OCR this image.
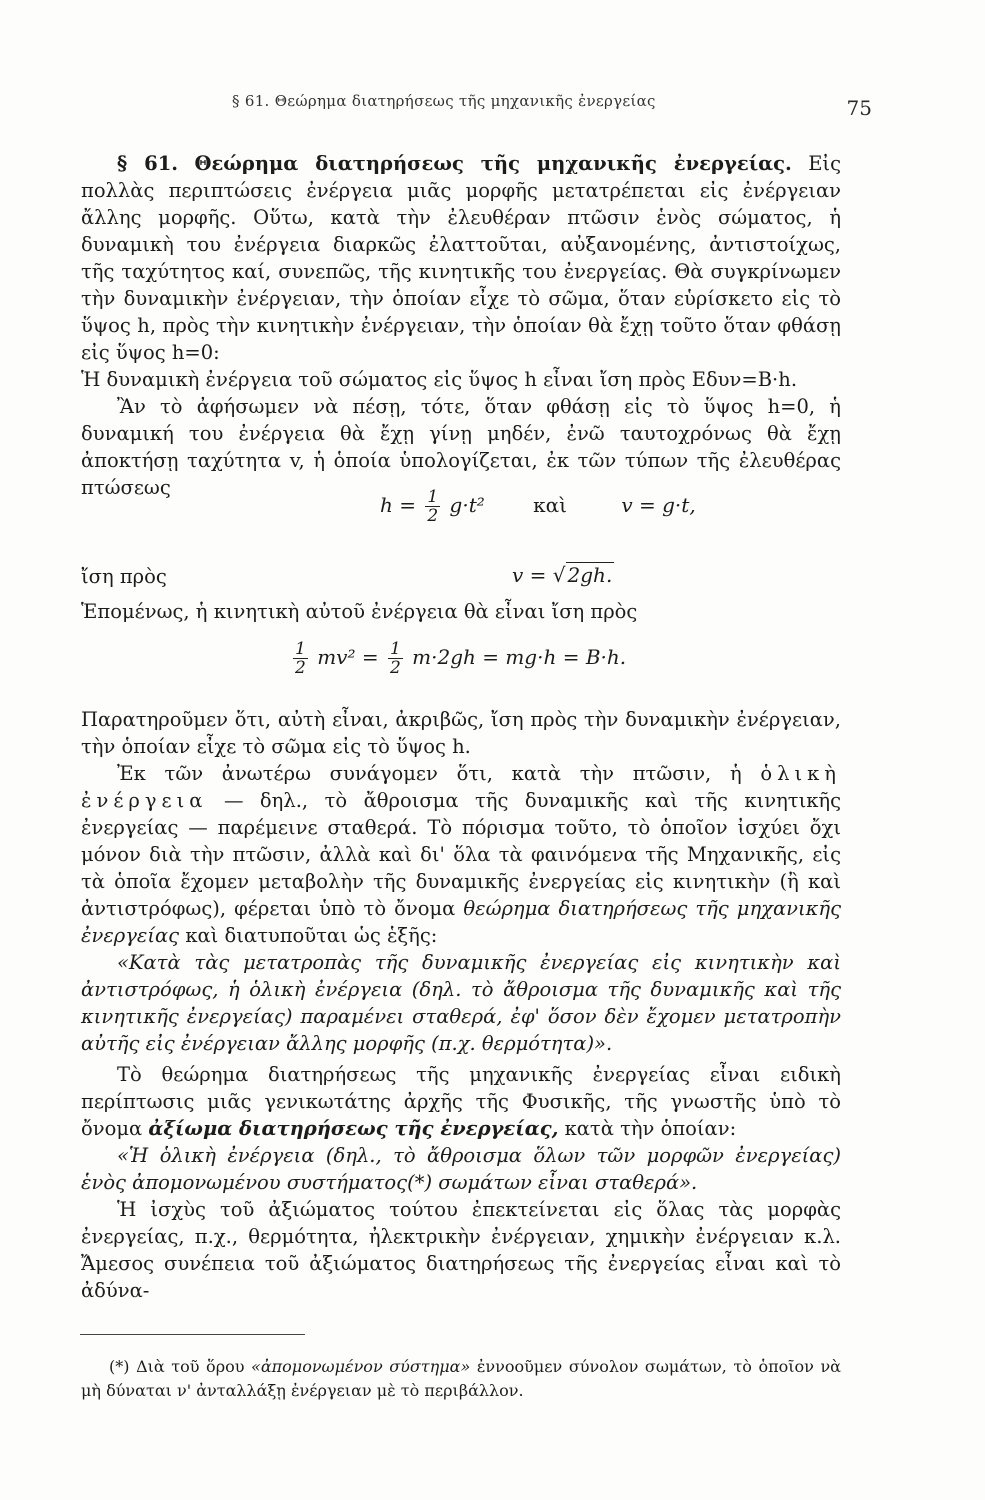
§ 61. Θεώρημα διατηρήσεως τῆς μηχανικῆς ἐνεργείας	75

§ 61. Θεώρημα διατηρήσεως τῆς μηχανικῆς ἐνεργείας. Εἰς πολλὰς περιπτώσεις ἐνέργεια μιᾶς μορφῆς μετατρέπεται εἰς ἐνέργειαν ἄλλης μορφῆς. Οὕτω, κατὰ τὴν ἐλευθέραν πτῶσιν ἑνὸς σώματος, ἡ δυναμικὴ του ἐνέργεια διαρκῶς ἐλαττοῦται, αὐξανομένης, ἀντιστοίχως, τῆς ταχύτητος καί, συνεπῶς, τῆς κινητικῆς του ἐνεργείας. Θὰ συγκρίνωμεν τὴν δυναμικὴν ἐνέργειαν, τὴν ὁποίαν εἶχε τὸ σῶμα, ὅταν εὑρίσκετο εἰς τὸ ὕψος h, πρὸς τὴν κινητικὴν ἐνέργειαν, τὴν ὁποίαν θὰ ἔχῃ τοῦτο ὅταν φθάσῃ εἰς ὕψος h=0:

Ἡ δυναμικὴ ἐνέργεια τοῦ σώματος εἰς ὕψος h εἶναι ἴση πρὸς Eδυν=B·h.

Ἂν τὸ ἀφήσωμεν νὰ πέσῃ, τότε, ὅταν φθάσῃ εἰς τὸ ὕψος h=0, ἡ δυναμική του ἐνέργεια θὰ ἔχῃ γίνῃ μηδέν, ἐνῶ ταυτοχρόνως θὰ ἔχῃ ἀποκτήσῃ ταχύτητα v, ἡ ὁποία ὑπολογίζεται, ἐκ τῶν τύπων τῆς ἐλευθέρας πτώσεως

$h = \frac{1}{2} g\cdot t^2$ καὶ	v = g·t,
ἴση πρὸς	v = √ 2gh.

Ἑπομένως, ἡ κινητικὴ αὐτοῦ ἐνέργεια θὰ εἶναι ἴση πρὸς

$\frac{1}{2} mv^2 = \frac{1}{2} m\cdot 2gh = mg\cdot h = B\cdot h$.

Παρατηροῦμεν ὅτι, αὐτὴ εἶναι, ἀκριβῶς, ἴση πρὸς τὴν δυναμικὴν ἐνέργειαν, τὴν ὁποίαν εἶχε τὸ σῶμα εἰς τὸ ὕψος h.

Ἐκ τῶν ἀνωτέρω συνάγομεν ὅτι, κατὰ τὴν πτῶσιν, ἡ ὁλικὴ ἐνέργεια — δηλ., τὸ ἄθροισμα τῆς δυναμικῆς καὶ τῆς κινητικῆς ἐνεργείας — παρέμεινε σταθερά. Τὸ πόρισμα τοῦτο, τὸ ὁποῖον ἰσχύει ὄχι μόνον διὰ τὴν πτῶσιν, ἀλλὰ καὶ δι' ὅλα τὰ φαινόμενα τῆς Μηχανικῆς, εἰς τὰ ὁποῖα ἔχομεν μεταβολὴν τῆς δυναμικῆς ἐνεργείας εἰς κινητικὴν (ἢ καὶ ἀντιστρόφως), φέρεται ὑπὸ τὸ ὄνομα θεώρημα διατηρήσεως τῆς μηχανικῆς ἐνεργείας καὶ διατυποῦται ὡς ἑξῆς:

«Κατὰ τὰς μετατροπὰς τῆς δυναμικῆς ἐνεργείας εἰς κινητικὴν καὶ ἀντιστρόφως, ἡ ὁλικὴ ἐνέργεια (δηλ. τὸ ἄθροισμα τῆς δυναμικῆς καὶ τῆς κινητικῆς ἐνεργείας) παραμένει σταθερά, ἐφ' ὅσον δὲν ἔχομεν μετατροπὴν αὐτῆς εἰς ἐνέργειαν ἄλλης μορφῆς (π.χ. θερμότητα)».

Τὸ θεώρημα διατηρήσεως τῆς μηχανικῆς ἐνεργείας εἶναι ειδικὴ περίπτωσις μιᾶς γενικωτάτης ἀρχῆς τῆς Φυσικῆς, τῆς γνωστῆς ὑπὸ τὸ ὄνομα ἀξίωμα διατηρήσεως τῆς ἐνεργείας, κατὰ τὴν ὁποίαν:

«Ἡ ὁλικὴ ἐνέργεια (δηλ., τὸ ἄθροισμα ὅλων τῶν μορφῶν ἐνεργείας) ἑνὸς ἀπομονωμένου συστήματος(*) σωμάτων εἶναι σταθερά».

Ἡ ἰσχὺς τοῦ ἀξιώματος τούτου ἐπεκτείνεται εἰς ὅλας τὰς μορφὰς ἐνεργείας, π.χ., θερμότητα, ἠλεκτρικὴν ἐνέργειαν, χημικὴν ἐνέργειαν κ.λ. Ἄμεσος συνέπεια τοῦ ἀξιώματος διατηρήσεως τῆς ἐνεργείας εἶναι καὶ τὸ ἀδύνα-

(*) Διὰ τοῦ ὅρου «ἀπομονωμένον σύστημα» ἐννοοῦμεν σύνολον σωμάτων, τὸ ὁποῖον νὰ μὴ δύναται ν' ἀνταλλάξῃ ἐνέργειαν μὲ τὸ περιβάλλον.
